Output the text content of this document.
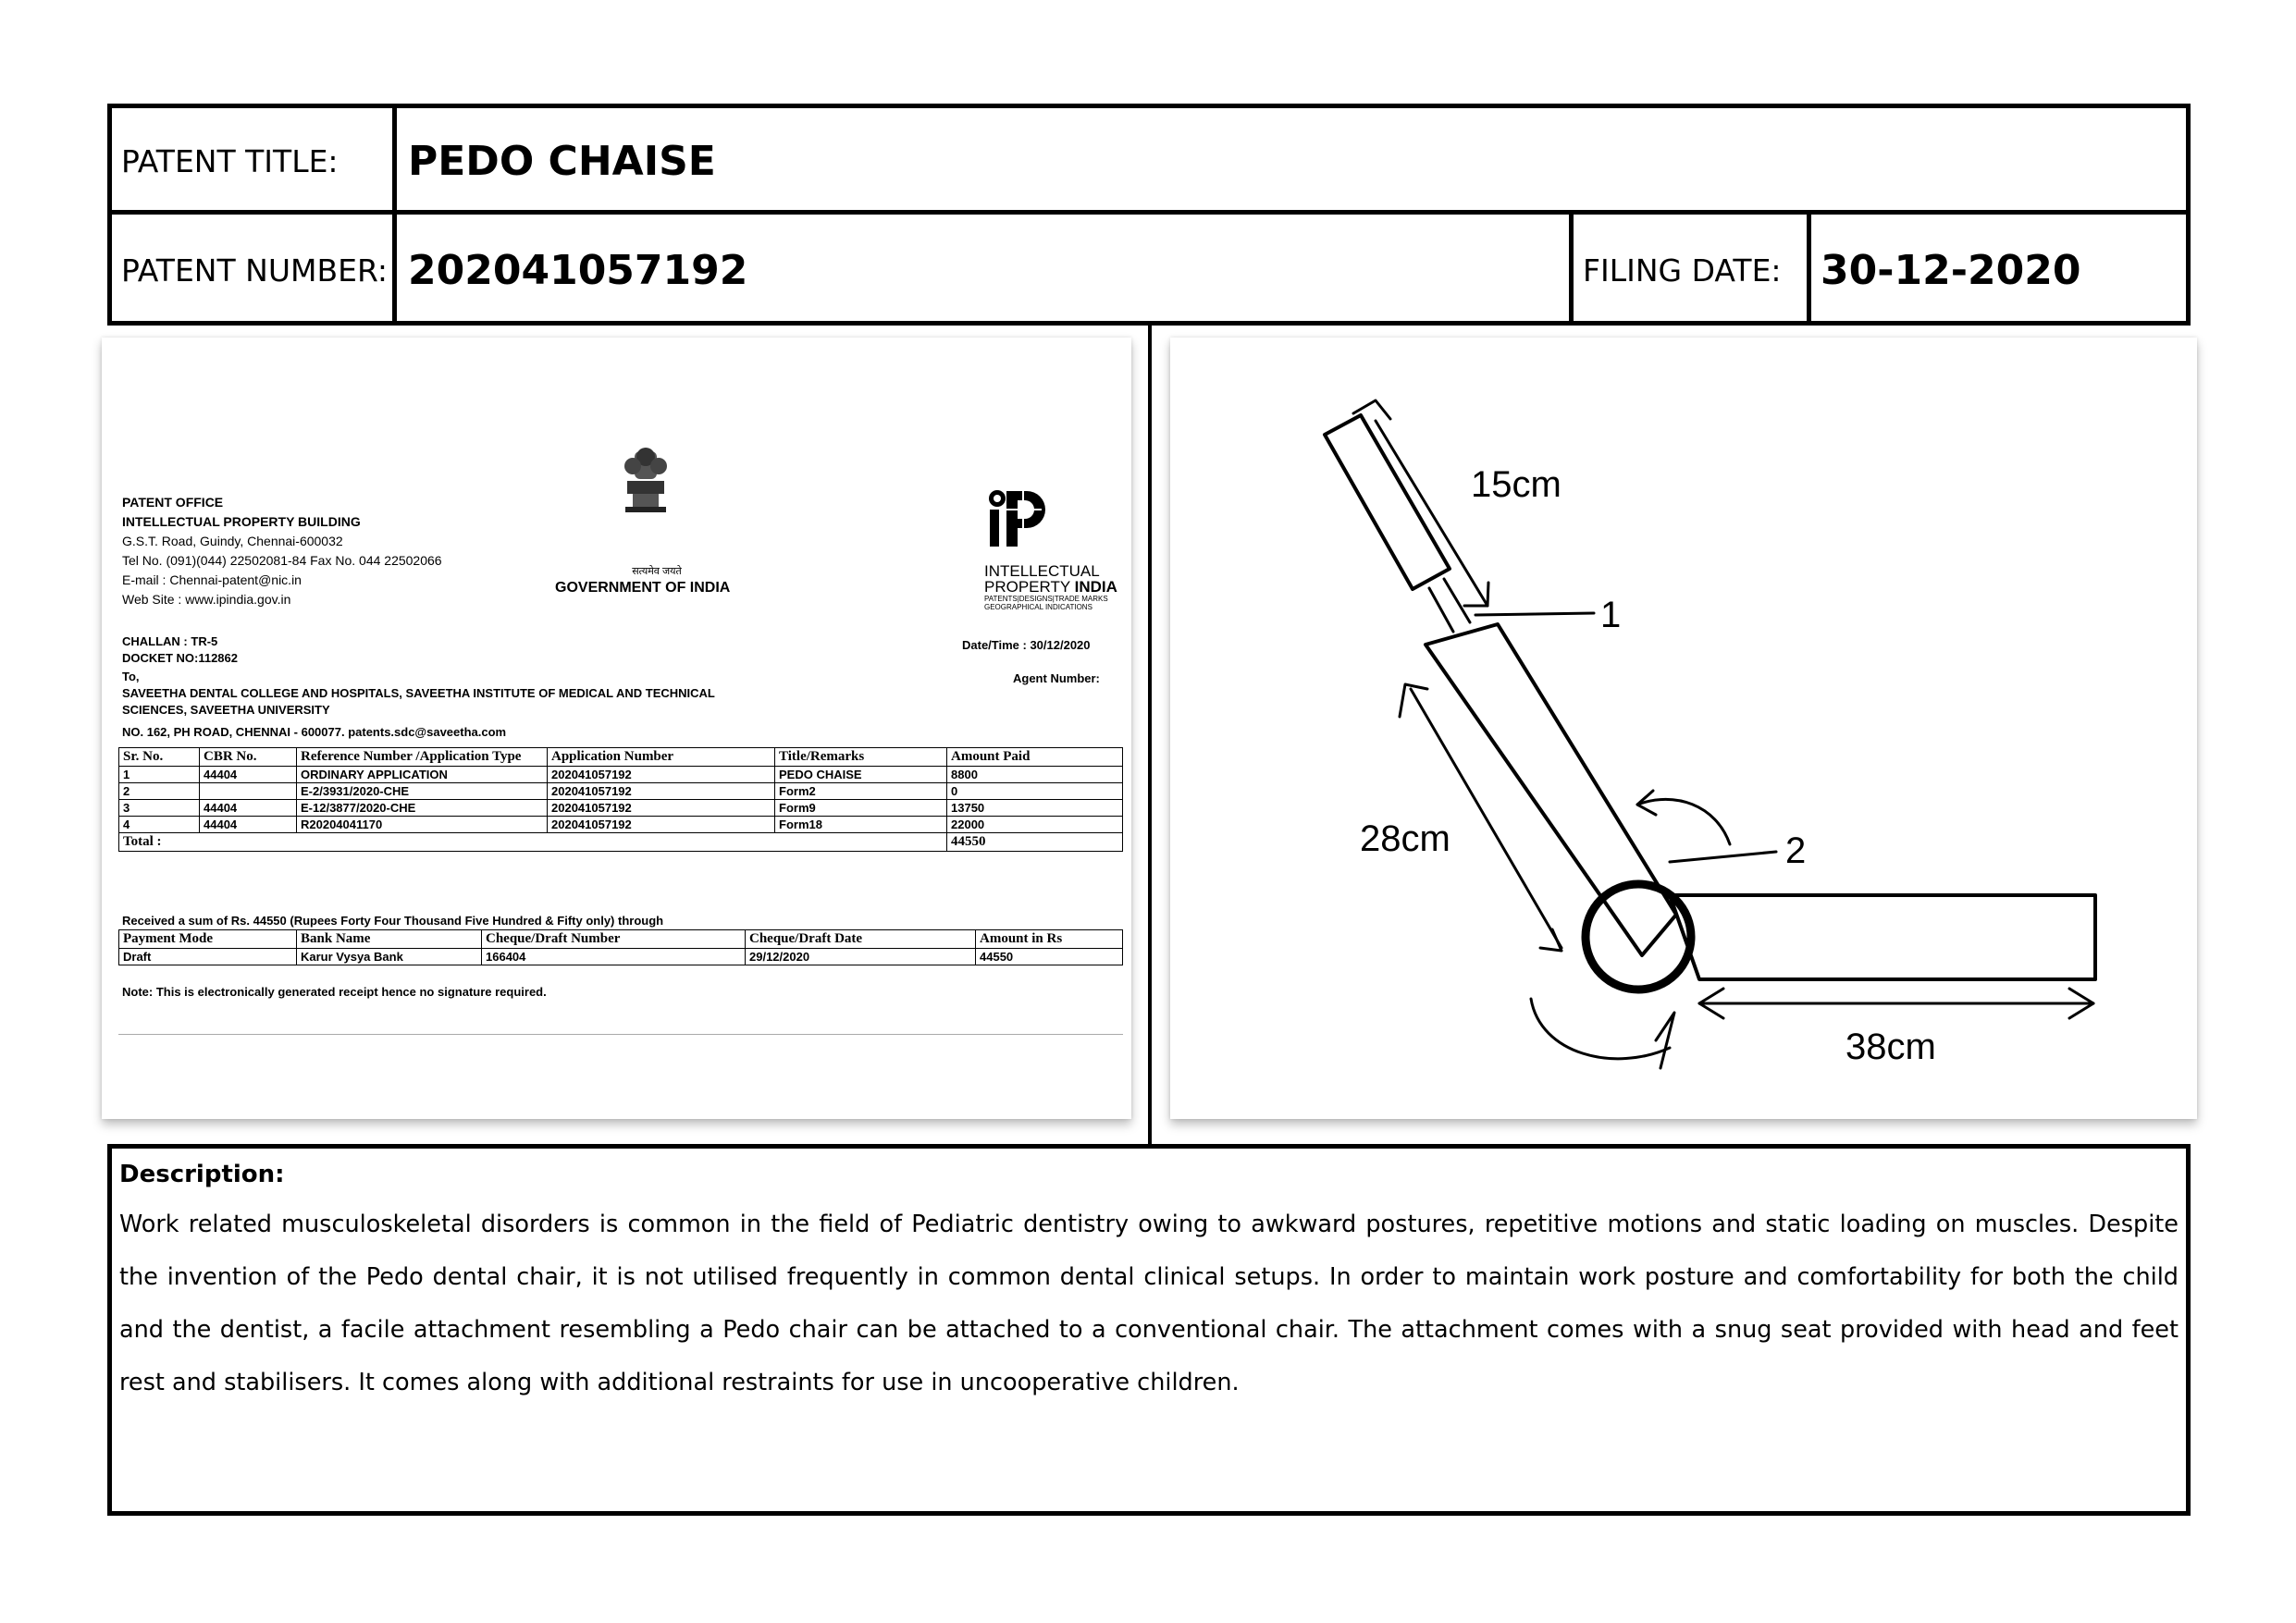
PATENT TITLE:	PEDO CHAISE
PATENT NUMBER: 202041057192	FILING DATE: 30-12-2020
PATENT OFFICE
INTELLECTUAL PROPERTY BUILDING
G.S.T. Road, Guindy, Chennai-600032
Tel No. (091)(044) 22502081-84 Fax No. 044 22502066
E-mail : Chennai-patent@nic.in
Web Site : www.ipindia.gov.in
सत्यमेव जयते
GOVERNMENT OF INDIA
INTELLECTUAL
PROPERTY INDIA
PATENTS|DESIGNS|TRADE MARKS
GEOGRAPHICAL INDICATIONS
CHALLAN : TR-5
DOCKET NO:112862
Date/Time : 30/12/2020
Agent Number:
To,
SAVEETHA DENTAL COLLEGE AND HOSPITALS, SAVEETHA INSTITUTE OF MEDICAL AND TECHNICAL
SCIENCES, SAVEETHA UNIVERSITY
NO. 162, PH ROAD, CHENNAI - 600077. patents.sdc@saveetha.com
Sr. No.	CBR No.	Reference Number /Application Type	Application Number	Title/Remarks	Amount Paid
1	44404	ORDINARY APPLICATION	202041057192	PEDO CHAISE	8800
2		E-2/3931/2020-CHE	202041057192	Form2	0
3	44404	E-12/3877/2020-CHE	202041057192	Form9	13750
4	44404	R20204041170	202041057192	Form18	22000
Total :					44550
Received a sum of Rs. 44550 (Rupees Forty Four Thousand Five Hundred & Fifty only) through
Payment Mode	Bank Name	Cheque/Draft Number	Cheque/Draft Date	Amount in Rs
Draft	Karur Vysya Bank	166404	29/12/2020	44550
Note: This is electronically generated receipt hence no signature required.
15cm
28cm
38cm
1
2
Description:
Work related musculoskeletal disorders is common in the field of Pediatric dentistry owing to awkward postures, repetitive motions and static loading on muscles. Despite the invention of the Pedo dental chair, it is not utilised frequently in common dental clinical setups. In order to maintain work posture and comfortability for both the child and the dentist, a facile attachment resembling a Pedo chair can be attached to a conventional chair. The attachment comes with a snug seat provided with head and feet rest and stabilisers. It comes along with additional restraints for use in uncooperative children.
